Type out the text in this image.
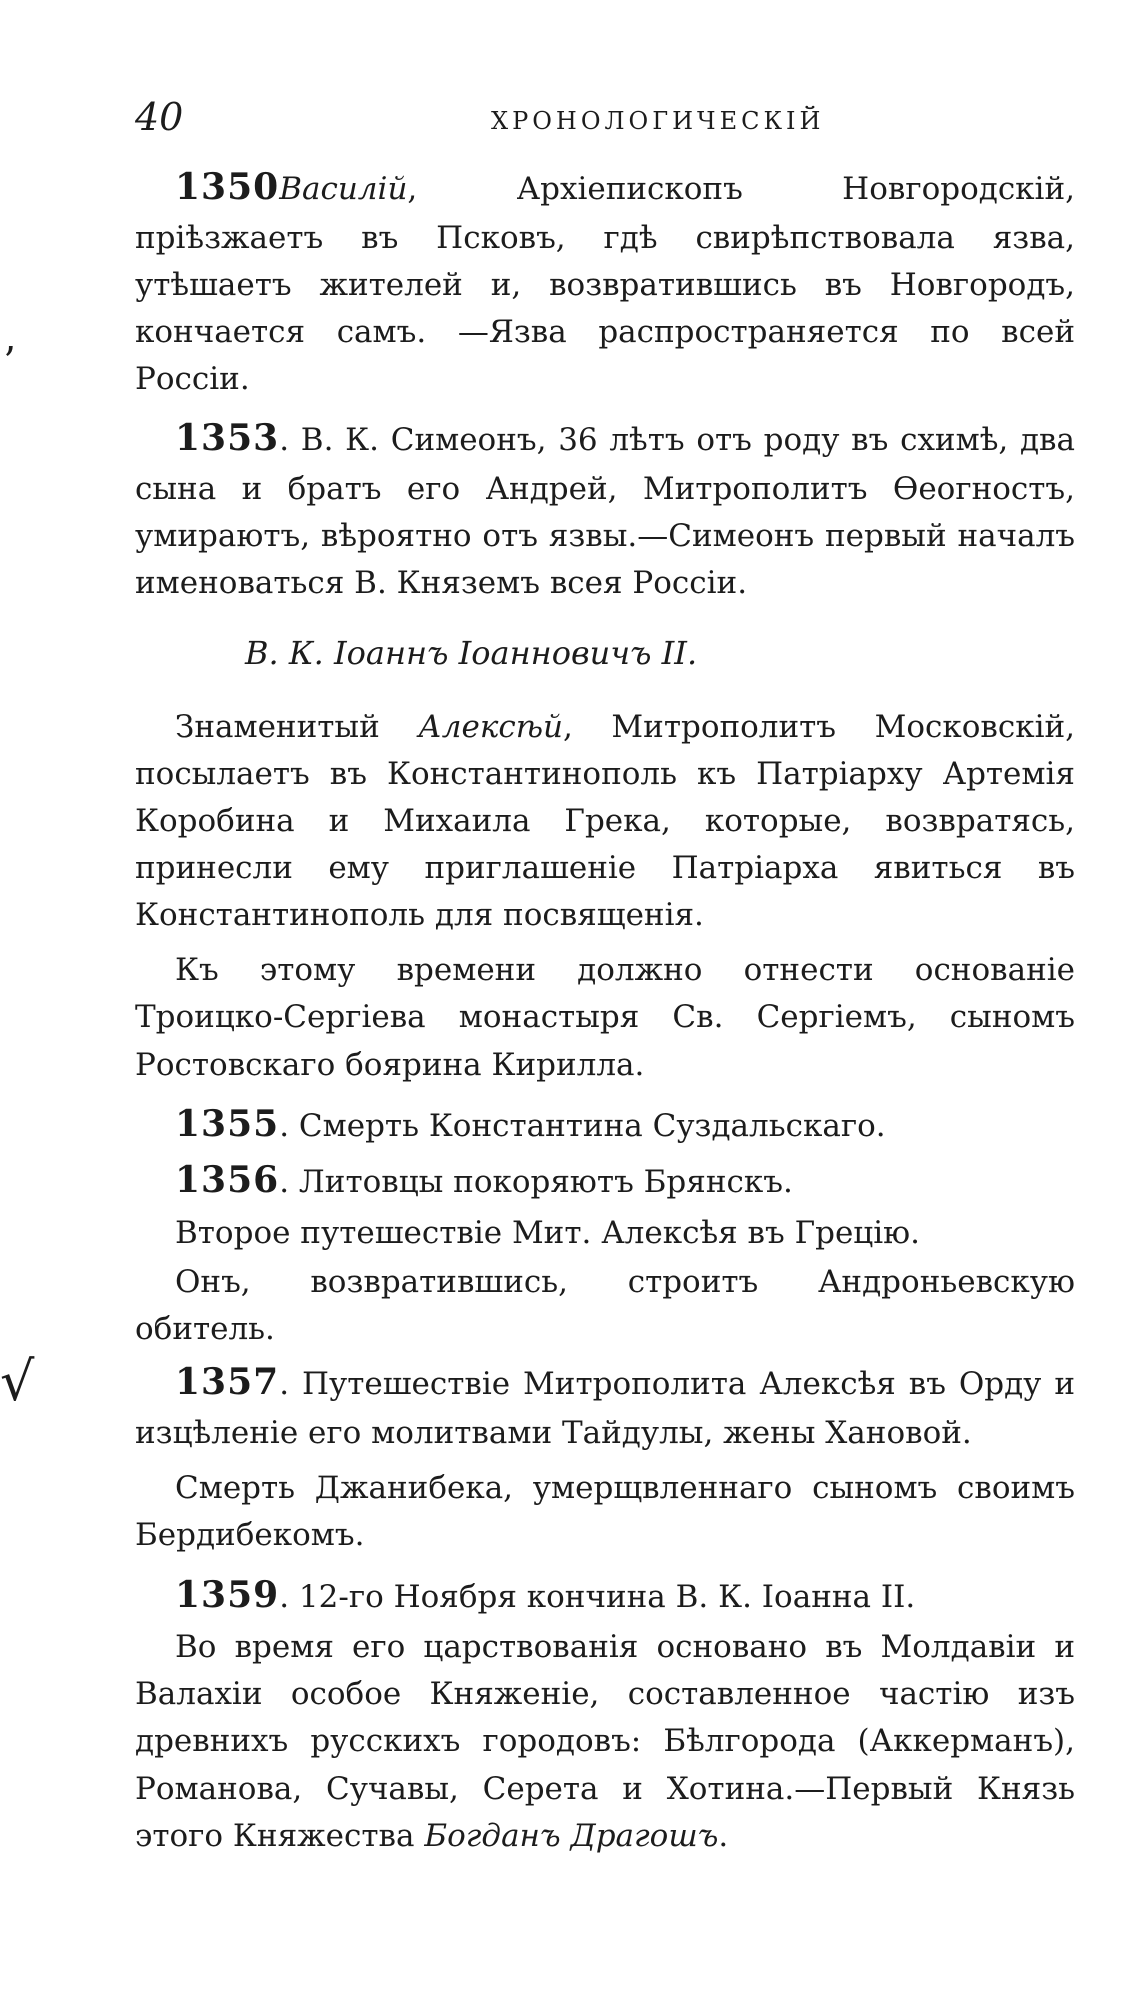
40	ХРОНОЛОГИЧЕСКІЙ

1350Василій, Архіепископъ Новгородскій, пріѣзжаетъ въ Псковъ, гдѣ свирѣпствовала язва, утѣшаетъ жителей и, возвратившись въ Новгородъ, кончается самъ. —Язва распространяется по всей Россіи.

1353. В. К. Симеонъ, 36 лѣтъ отъ роду въ схимѣ, два сына и братъ его Андрей, Митрополитъ Ѳеогностъ, умираютъ, вѣроятно отъ язвы.—Симеонъ первый началъ именоваться В. Княземъ всея Россіи.

В. К. Іоаннъ Іоанновичъ II.

Знаменитый Алексѣй, Митрополитъ Московскій, посылаетъ въ Константинополь къ Патріарху Артемія Коробина и Михаила Грека, которые, возвратясь, принесли ему приглашеніе Патріарха явиться въ Константинополь для посвященія.

Къ этому времени должно отнести основаніе Троицко-Сергіева монастыря Св. Сергіемъ, сыномъ Ростовскаго боярина Кирилла.

1355. Смерть Константина Суздальскаго.

1356. Литовцы покоряютъ Брянскъ.

Второе путешествіе Мит. Алексѣя въ Грецію.

Онъ, возвратившись, строитъ Андроньевскую обитель.

1357. Путешествіе Митрополита Алексѣя въ Орду и изцѣленіе его молитвами Тайдулы, жены Хановой.

Смерть Джанибека, умерщвленнаго сыномъ своимъ Бердибекомъ.

1359. 12-го Ноября кончина В. К. Іоанна II.

Во время его царствованія основано въ Молдавіи и Валахіи особое Княженіе, составленное частію изъ древнихъ русскихъ городовъ: Бѣлгорода (Аккерманъ), Романова, Сучавы, Серета и Хотина.—Первый Князь этого Княжества Богданъ Драгошъ.

ʼ
√
